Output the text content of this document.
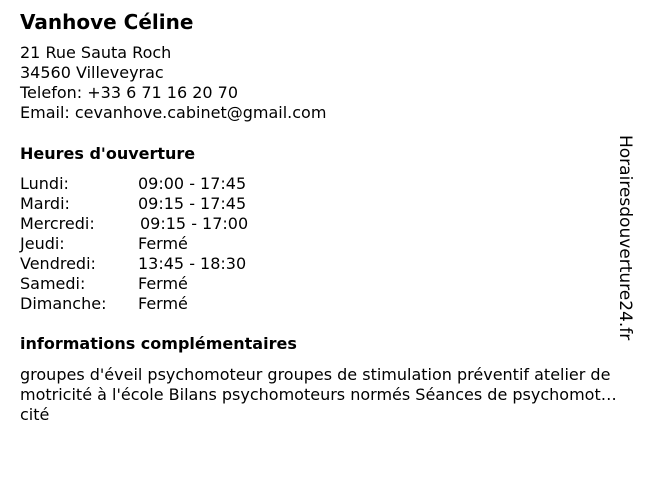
Vanhove Céline
21 Rue Sauta Roch
34560 Villeveyrac
Telefon: +33 6 71 16 20 70
Email: cevanhove.cabinet@gmail.com
Heures d'ouverture
Lundi:	09:00 - 17:45
Mardi:	09:15 - 17:45
Mercredi:	09:15 - 17:00
Jeudi:	Fermé
Vendredi:	13:45 - 18:30
Samedi:	Fermé
Dimanche: Fermé
informations complémentaires
groupes d'éveil psychomoteur groupes de stimulation préventif atelier de motricité à l'école Bilans psychomoteurs normés Séances de psychomotricité
Horairesdouverture24.fr
